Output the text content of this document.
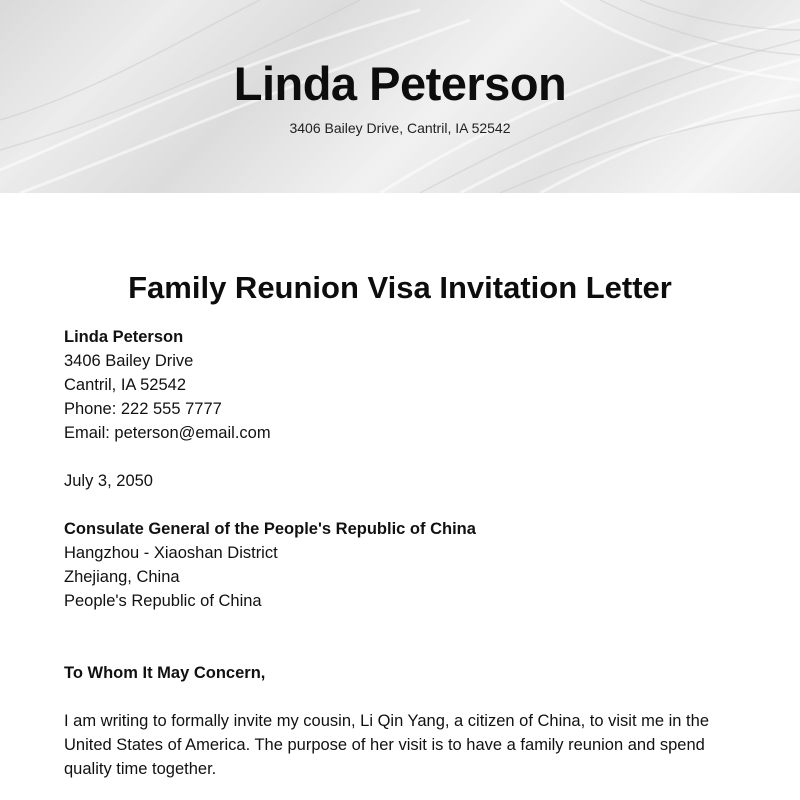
Linda Peterson
3406 Bailey Drive, Cantril, IA 52542
Family Reunion Visa Invitation Letter
Linda Peterson
3406 Bailey Drive
Cantril, IA 52542
Phone: 222 555 7777
Email: peterson@email.com
July 3, 2050
Consulate General of the People's Republic of China
Hangzhou - Xiaoshan District
Zhejiang, China
People's Republic of China
To Whom It May Concern,
I am writing to formally invite my cousin, Li Qin Yang, a citizen of China, to visit me in the United States of America. The purpose of her visit is to have a family reunion and spend quality time together.
